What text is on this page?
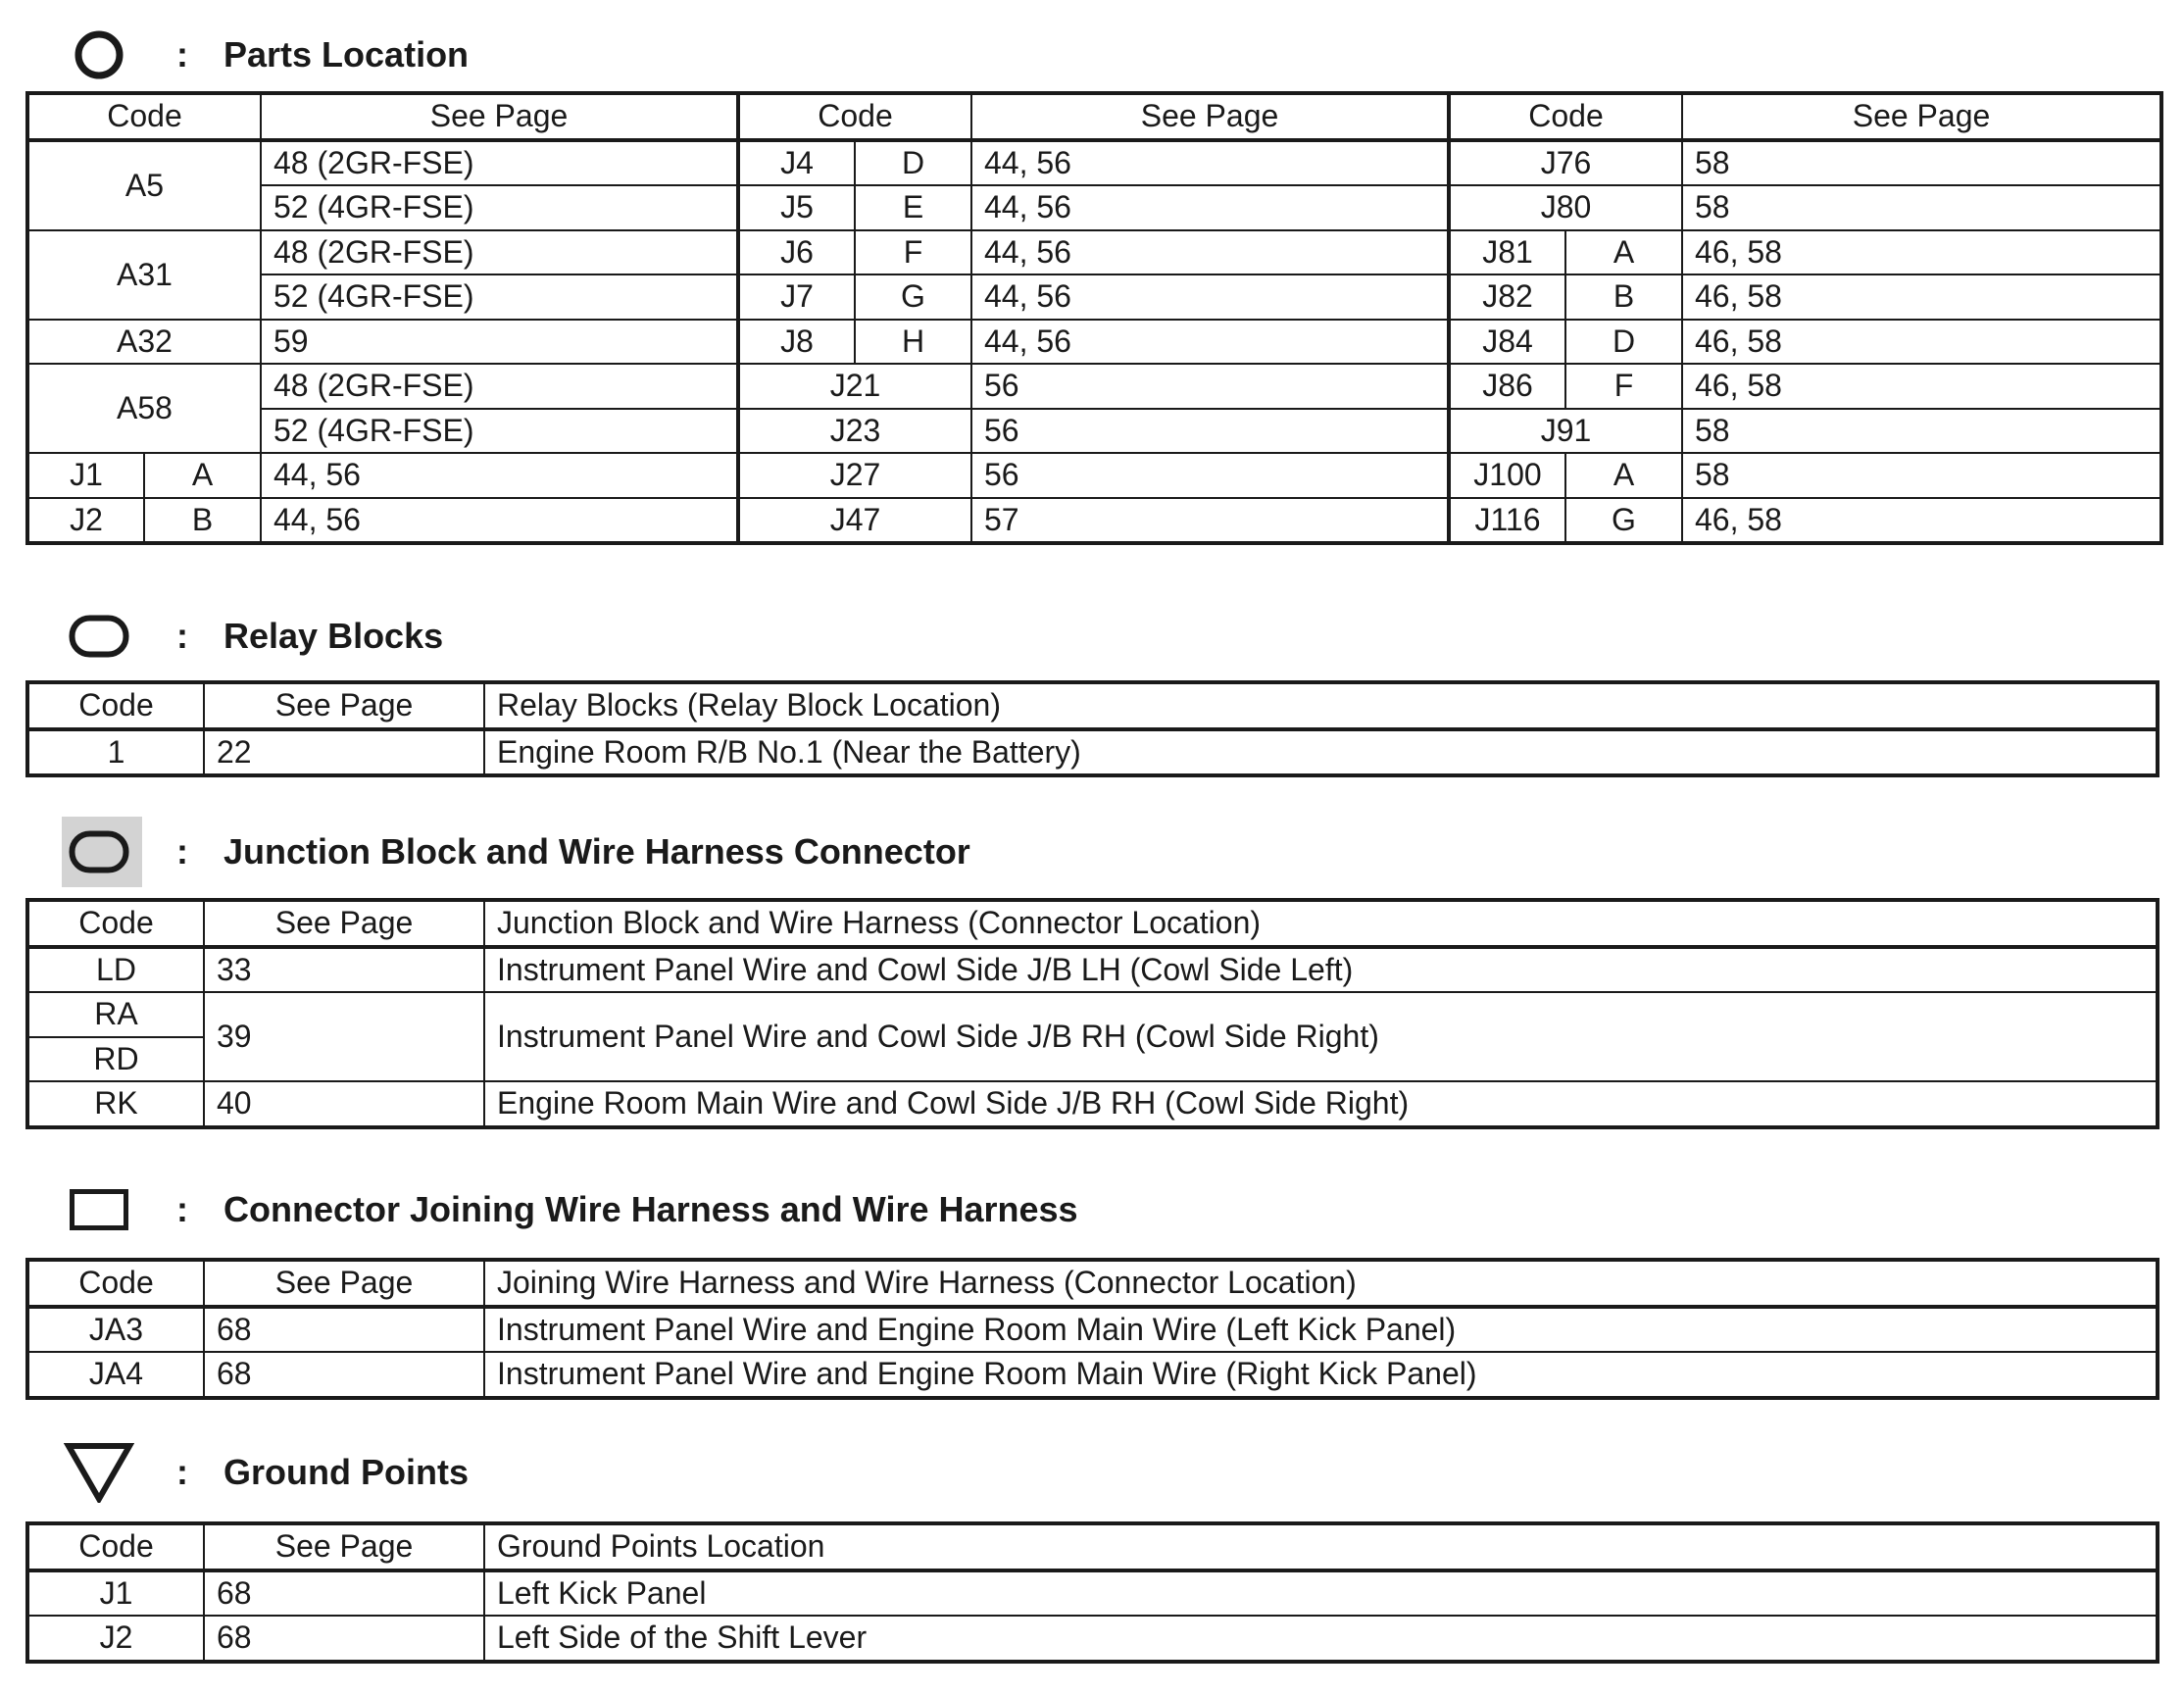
: Parts Location
Code		See Page	Code		See Page	Code		See Page
A5		48 (2GR-FSE)	J4	D	44, 56	J76		58
		52 (4GR-FSE)	J5	E	44, 56	J80		58
A31		48 (2GR-FSE)	J6	F	44, 56	J81	A	46, 58
		52 (4GR-FSE)	J7	G	44, 56	J82	B	46, 58
A32		59	J8	H	44, 56	J84	D	46, 58
A58		48 (2GR-FSE)	J21		56	J86	F	46, 58
		52 (4GR-FSE)	J23		56	J91		58
J1	A	44, 56	J27		56	J100	A	58
J2	B	44, 56	J47		57	J116	G	46, 58
: Relay Blocks
Code	See Page	Relay Blocks (Relay Block Location)
1	22	Engine Room R/B No.1 (Near the Battery)
: Junction Block and Wire Harness Connector
Code	See Page	Junction Block and Wire Harness (Connector Location)
LD	33	Instrument Panel Wire and Cowl Side J/B LH (Cowl Side Left)
RA	39	Instrument Panel Wire and Cowl Side J/B RH (Cowl Side Right)
RD		
RK	40	Engine Room Main Wire and Cowl Side J/B RH (Cowl Side Right)
: Connector Joining Wire Harness and Wire Harness
Code	See Page	Joining Wire Harness and Wire Harness (Connector Location)
JA3	68	Instrument Panel Wire and Engine Room Main Wire (Left Kick Panel)
JA4	68	Instrument Panel Wire and Engine Room Main Wire (Right Kick Panel)
: Ground Points
Code	See Page	Ground Points Location
J1	68	Left Kick Panel
J2	68	Left Side of the Shift Lever
